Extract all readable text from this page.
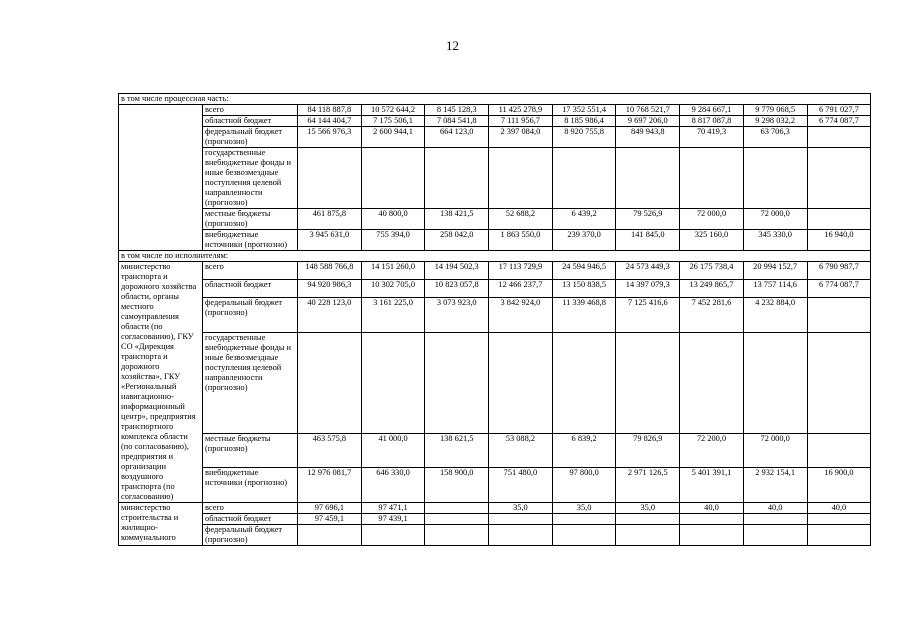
12
в том числе процессная часть:										
	всего	84 118 887,8	10 572 644,2	8 145 128,3	11 425 278,9	17 352 551,4	10 768 521,7	9 284 667,1	9 779 068,5	6 791 027,7
	областной бюджет	64 144 404,7	7 175 506,1	7 084 541,8	7 111 956,7	8 185 986,4	9 697 206,0	8 817 087,8	9 298 032,2	6 774 087,7
	федеральный бюджет (прогнозно)	15 566 976,3	2 600 944,1	664 123,0	2 397 084,0	8 920 755,8	849 943,8	70 419,3	63 706,3	
	государственные внебюджетные фонды и иные безвозмездные поступления целевой направленности (прогнозно)									
	местные бюджеты (прогнозно)	461 875,8	40 800,0	138 421,5	52 688,2	6 439,2	79 526,9	72 000,0	72 000,0	
	внебюджетные источники (прогнозно)	3 945 631,0	755 394,0	258 042,0	1 863 550,0	239 370,0	141 845,0	325 160,0	345 330,0	16 940,0
в том числе по исполнителям:										
министерство транспорта и дорожного хозяйства области, органы местного самоуправления области (по согласованию), ГКУ СО «Дирекция транспорта и дорожного хозяйства», ГКУ «Региональный навигационно-информационный центр», предприятия транспортного комплекса области (по согласованию), предприятия и организации воздушного транспорта (по согласованию)	всего	148 588 766,8	14 151 260,0	14 194 502,3	17 113 729,9	24 594 946,5	24 573 449,3	26 175 738,4	20 994 152,7	6 790 987,7
	областной бюджет	94 920 986,3	10 302 705,0	10 823 057,8	12 466 237,7	13 150 838,5	14 397 079,3	13 249 865,7	13 757 114,6	6 774 087,7
	федеральный бюджет (прогнозно)	40 228 123,0	3 161 225,0	3 073 923,0	3 842 924,0	11 339 468,8	7 125 416,6	7 452 281,6	4 232 884,0	
	государственные внебюджетные фонды и иные безвозмездные поступления целевой направленности (прогнозно)									
	местные бюджеты (прогнозно)	463 575,8	41 000,0	138 621,5	53 088,2	6 839,2	79 826,9	72 200,0	72 000,0	
	внебюджетные источники (прогнозно)	12 976 081,7	646 330,0	158 900,0	751 480,0	97 800,0	2 971 126,5	5 401 391,1	2 932 154,1	16 900,0
министерство строительства и жилищно-коммунального	всего	97 696,1	97 471,1		35,0	35,0	35,0	40,0	40,0	40,0
	областной бюджет	97 459,1	97 439,1							
	федеральный бюджет (прогнозно)									
